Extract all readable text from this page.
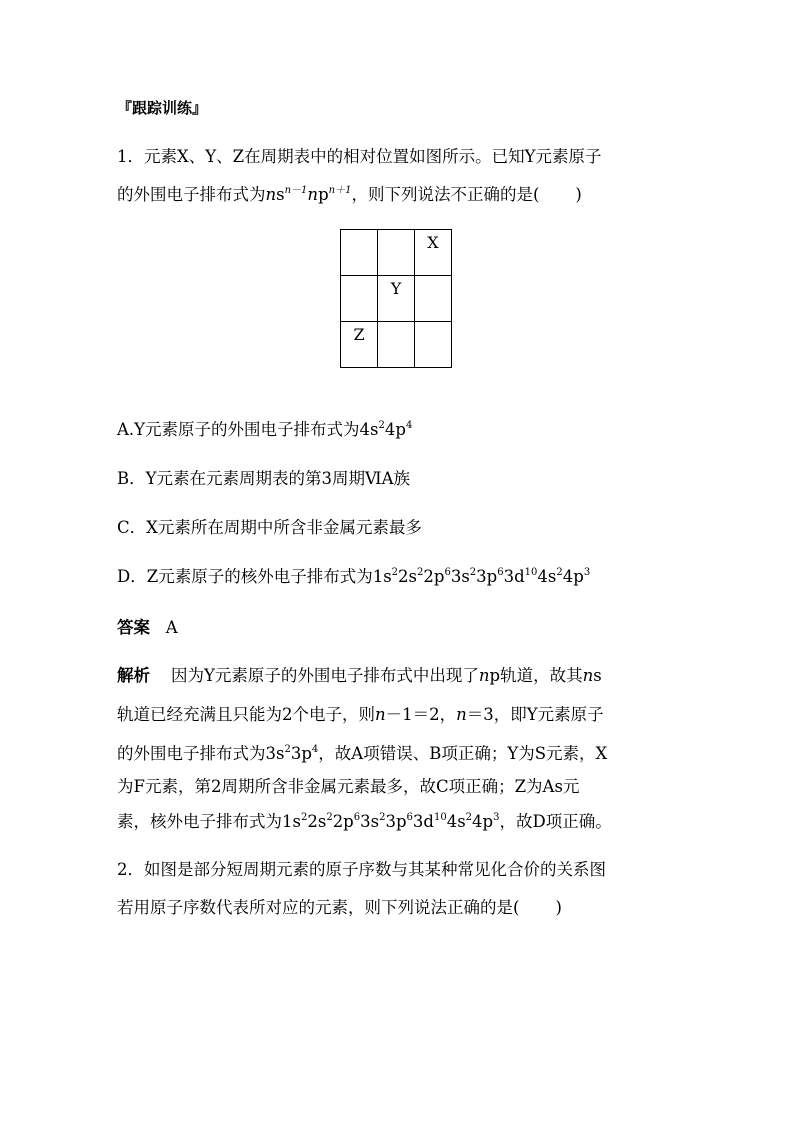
『跟踪训练』
1．元素X、Y、Z在周期表中的相对位置如图所示。已知Y元素原子
的外围电子排布式为$ns^{n-1}np^{n+1}$，则下列说法不正确的是( )
		X
	Y	
Z		
A.Y元素原子的外围电子排布式为$4s^24p^4$
B．Y元素在元素周期表的第3周期ⅥA族
C．X元素所在周期中所含非金属元素最多
D．Z元素原子的核外电子排布式为$1s^22s^22p^63s^23p^63d^{10}4s^24p^3$
答案 A
解析 因为Y元素原子的外围电子排布式中出现了np轨道，故其ns
轨道已经充满且只能为2个电子，则n－1＝2，n＝3，即Y元素原子
的外围电子排布式为$3s^23p^4$，故A项错误、B项正确；Y为S元素，X
为F元素，第2周期所含非金属元素最多，故C项正确；Z为As元
素，核外电子排布式为$1s^22s^22p^63s^23p^63d^{10}4s^24p^3$，故D项正确。
2．如图是部分短周期元素的原子序数与其某种常见化合价的关系图
若用原子序数代表所对应的元素，则下列说法正确的是( )
